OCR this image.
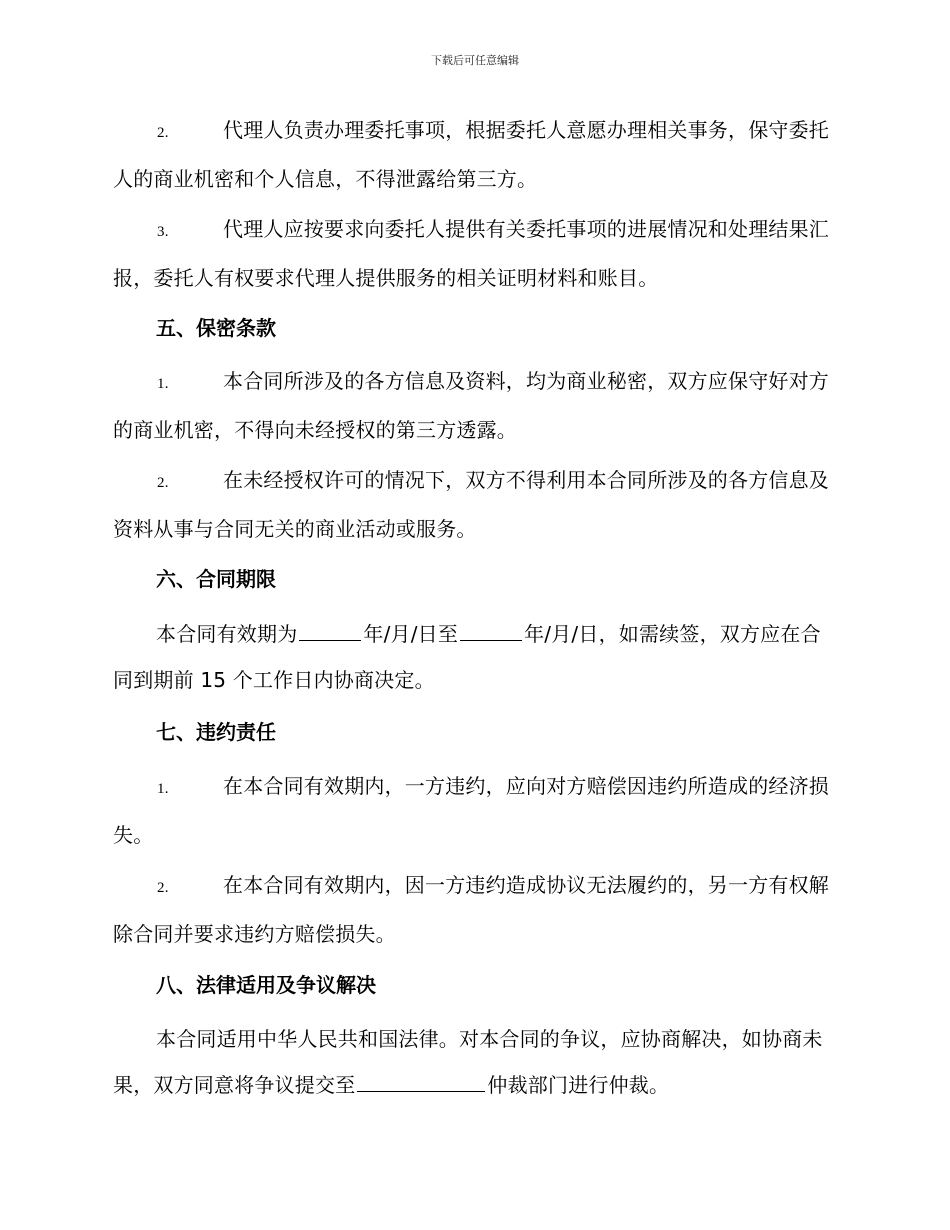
下载后可任意编辑

2.	代理人负责办理委托事项，根据委托人意愿办理相关事务，保守委托人的商业机密和个人信息，不得泄露给第三方。

3.	代理人应按要求向委托人提供有关委托事项的进展情况和处理结果汇报，委托人有权要求代理人提供服务的相关证明材料和账目。

五、保密条款

1.	本合同所涉及的各方信息及资料，均为商业秘密，双方应保守好对方的商业机密，不得向未经授权的第三方透露。

2.	在未经授权许可的情况下，双方不得利用本合同所涉及的各方信息及资料从事与合同无关的商业活动或服务。

六、合同期限

本合同有效期为	年/月/日至	年/月/日，如需续签，双方应在合同到期前 15 个工作日内协商决定。

七、违约责任

1.	在本合同有效期内，一方违约，应向对方赔偿因违约所造成的经济损失。

2.	在本合同有效期内，因一方违约造成协议无法履约的，另一方有权解除合同并要求违约方赔偿损失。

八、法律适用及争议解决

本合同适用中华人民共和国法律。对本合同的争议，应协商解决，如协商未果，双方同意将争议提交至	仲裁部门进行仲裁。
